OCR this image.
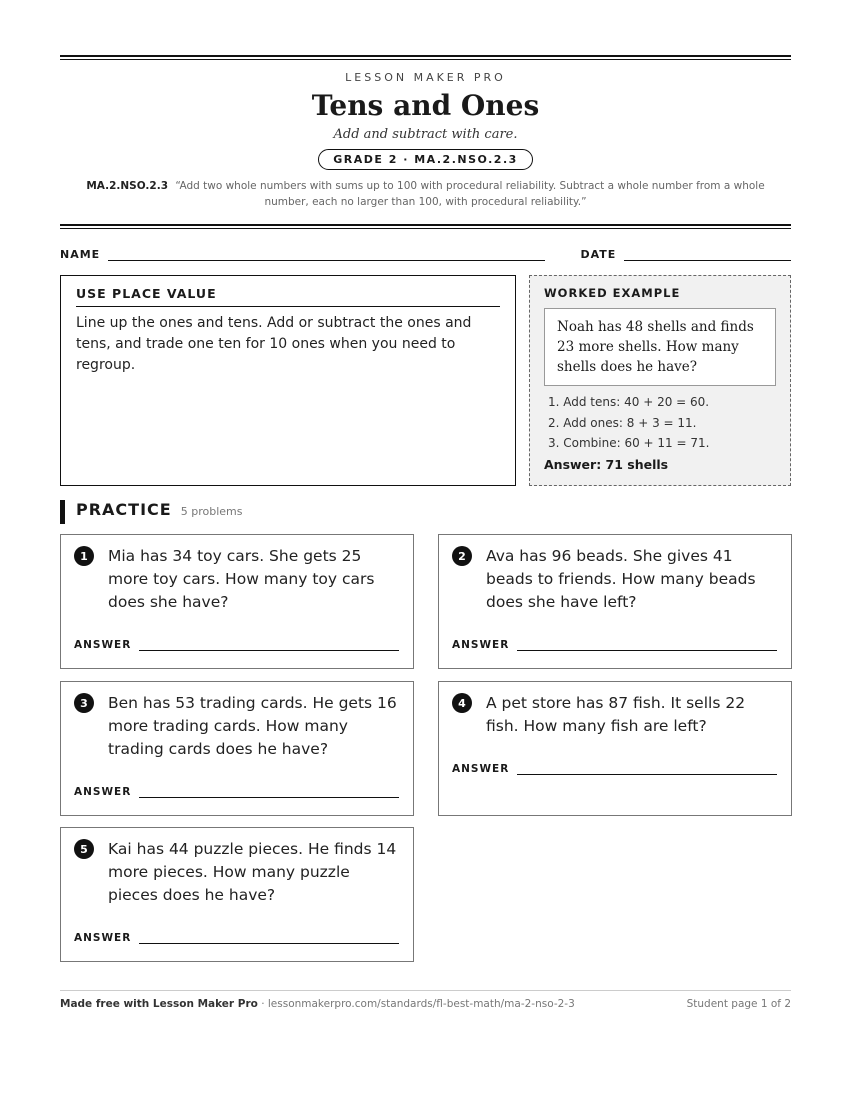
LESSON MAKER PRO
Tens and Ones
Add and subtract with care.
GRADE 2 · MA.2.NSO.2.3
MA.2.NSO.2.3 “Add two whole numbers with sums up to 100 with procedural reliability. Subtract a whole number from a whole number, each no larger than 100, with procedural reliability.”
NAME	DATE
USE PLACE VALUE
Line up the ones and tens. Add or subtract the ones and tens, and trade one ten for 10 ones when you need to regroup.
WORKED EXAMPLE
Noah has 48 shells and finds 23 more shells. How many shells does he have?
1. Add tens: 40 + 20 = 60.
2. Add ones: 8 + 3 = 11.
3. Combine: 60 + 11 = 71.
Answer: 71 shells
PRACTICE 5 problems
1	Mia has 34 toy cars. She gets 25 more toy cars. How many toy cars does she have?
ANSWER
2	Ava has 96 beads. She gives 41 beads to friends. How many beads does she have left?
ANSWER
3	Ben has 53 trading cards. He gets 16 more trading cards. How many trading cards does he have?
ANSWER
4	A pet store has 87 fish. It sells 22 fish. How many fish are left?
ANSWER
5	Kai has 44 puzzle pieces. He finds 14 more pieces. How many puzzle pieces does he have?
ANSWER
Made free with Lesson Maker Pro · lessonmakerpro.com/standards/fl-best-math/ma-2-nso-2-3	Student page 1 of 2
